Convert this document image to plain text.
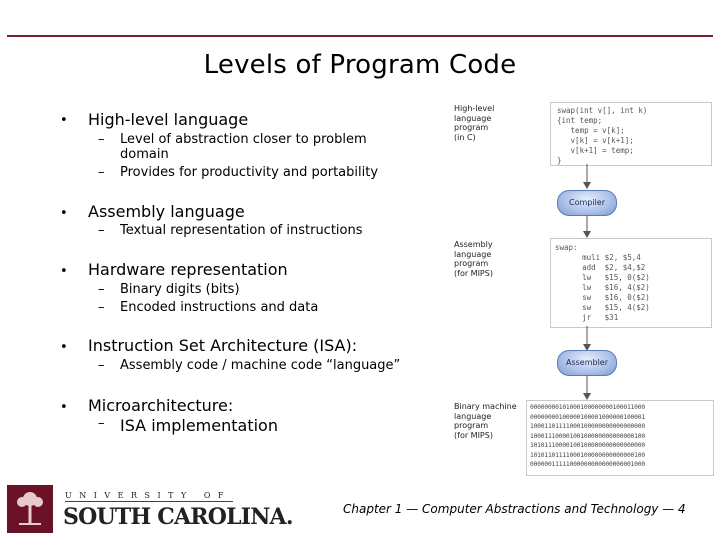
Levels of Program Code
• High-level language
– Level of abstraction closer to problem
domain
– Provides for productivity and portability
• Assembly language
– Textual representation of instructions
• Hardware representation
– Binary digits (bits)
– Encoded instructions and data
• Instruction Set Architecture (ISA):
– Assembly code / machine code “language”
• Microarchitecture:
– ISA implementation
High-level
language
program
(in C)
swap(int v[], int k)
{int temp;
temp = v[k];
v[k] = v[k+1];
v[k+1] = temp;
}
Compiler
Assembly
language
program
(for MIPS)
swap:
muli $2, $5,4
add  $2, $4,$2
lw   $15, 0($2)
lw   $16, 4($2)
sw   $16, 0($2)
sw   $15, 4($2)
jr   $31
Assembler
Binary machine
language
program
(for MIPS)
00000000101000100000000100011000
00000000100000100001000000100001
10001101111000100000000000000000
10001110000100100000000000000100
10101110000100100000000000000000
10101101111000100000000000000100
00000011111000000000000000001000
UNIVERSITY OF
SOUTH CAROLINA.	Chapter 1 — Computer Abstractions and Technology — 4
